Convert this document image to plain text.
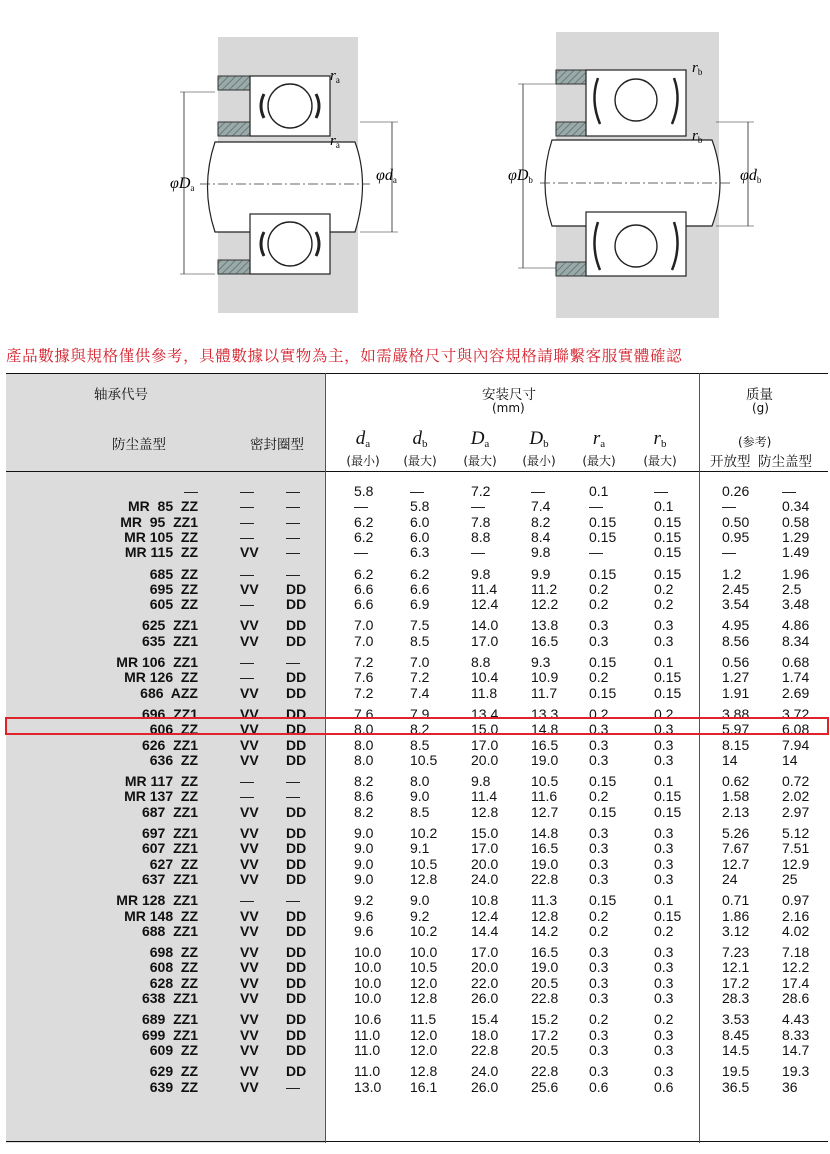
$r_a$
$r_a$
φDa
φda
$r_b$
$r_b$
φDb	φdb
產品數據與規格僅供參考，具體數據以實物為主，如需嚴格尺寸與內容規格請聯繫客服實體確認
轴承代号
防尘盖型	密封圈型
安装尺寸
(mm)
质量
(g)
(参考)
开放型 防尘盖型
$d_a$
(最小)
$d_b$
(最大)
$D_a$
(最大)
$D_b$
(最小)
$r_a$
(最大)
$r_b$
(最大)
—	— —	5.8	—	7.2	—	0.1	—	0.26 —
MR  85  ZZ	— —	—	5.8	—	7.4	—	0.1	—	0.34
MR  95  ZZ1	— —	6.2	6.0	7.8	8.2	0.15	0.15	0.50 0.58
MR 105  ZZ	— —	6.2	6.0	8.8	8.4	0.15	0.15	0.95 1.29
MR 115  ZZ	VV —	—	6.3	—	9.8	—	0.15	—	1.49
685  ZZ	— —	6.2	6.2	9.8	9.9	0.15	0.15	1.2	1.96
695  ZZ	VV DD	6.6	6.6	11.4 11.2 0.2	0.2	2.45 2.5
605  ZZ	— DD	6.6	6.9	12.4 12.2 0.2	0.2	3.54 3.48
625  ZZ1	VV DD	7.0	7.5	14.0 13.8 0.3	0.3	4.95 4.86
635  ZZ1	VV DD	7.0	8.5	17.0 16.5 0.3	0.3	8.56 8.34
MR 106  ZZ1	— —	7.2	7.0	8.8	9.3	0.15	0.1	0.56 0.68
MR 126  ZZ	— DD	7.6	7.2	10.4 10.9 0.2	0.15	1.27 1.74
686  AZZ	VV DD	7.2	7.4	11.8 11.7 0.15	0.15	1.91 2.69
696  ZZ1	VV DD	7.6	7.9	13.4 13.3 0.2	0.2	3.88 3.72
606  ZZ	VV DD	8.0	8.2	15.0 14.8 0.3	0.3	5.97 6.08
626  ZZ1	VV DD	8.0	8.5	17.0 16.5 0.3	0.3	8.15 7.94
636  ZZ	VV DD	8.0	10.5 20.0 19.0 0.3	0.3	14	14
MR 117  ZZ	— —	8.2	8.0	9.8	10.5 0.15	0.1	0.62 0.72
MR 137  ZZ	— —	8.6	9.0	11.4 11.6 0.2	0.15	1.58 2.02
687  ZZ1	VV DD	8.2	8.5	12.8 12.7 0.15	0.15	2.13 2.97
697  ZZ1	VV DD	9.0	10.2 15.0 14.8 0.3	0.3	5.26 5.12
607  ZZ1	VV DD	9.0	9.1	17.0 16.5 0.3	0.3	7.67 7.51
627  ZZ	VV DD	9.0	10.5 20.0 19.0 0.3	0.3	12.7 12.9
637  ZZ1	VV DD	9.0	12.8 24.0 22.8 0.3	0.3	24	25
MR 128  ZZ1	— —	9.2	9.0	10.8 11.3 0.15	0.1	0.71 0.97
MR 148  ZZ	VV DD	9.6	9.2	12.4 12.8 0.2	0.15	1.86 2.16
688  ZZ1	VV DD	9.6	10.2 14.4 14.2 0.2	0.2	3.12 4.02
698  ZZ	VV DD	10.0 10.0 17.0 16.5 0.3	0.3	7.23 7.18
608  ZZ	VV DD	10.0 10.5 20.0 19.0 0.3	0.3	12.1 12.2
628  ZZ	VV DD	10.0 12.0 22.0 20.5 0.3	0.3	17.2 17.4
638  ZZ1	VV DD	10.0 12.8 26.0 22.8 0.3	0.3	28.3 28.6
689  ZZ1	VV DD	10.6 11.5 15.4 15.2 0.2	0.2	3.53 4.43
699  ZZ1	VV DD	11.0 12.0 18.0 17.2 0.3	0.3	8.45 8.33
609  ZZ	VV DD	11.0 12.0 22.8 20.5 0.3	0.3	14.5 14.7
629  ZZ	VV DD	11.0 12.8 24.0 22.8 0.3	0.3	19.5 19.3
639  ZZ	VV —	13.0 16.1 26.0 25.6 0.6	0.6	36.5 36
